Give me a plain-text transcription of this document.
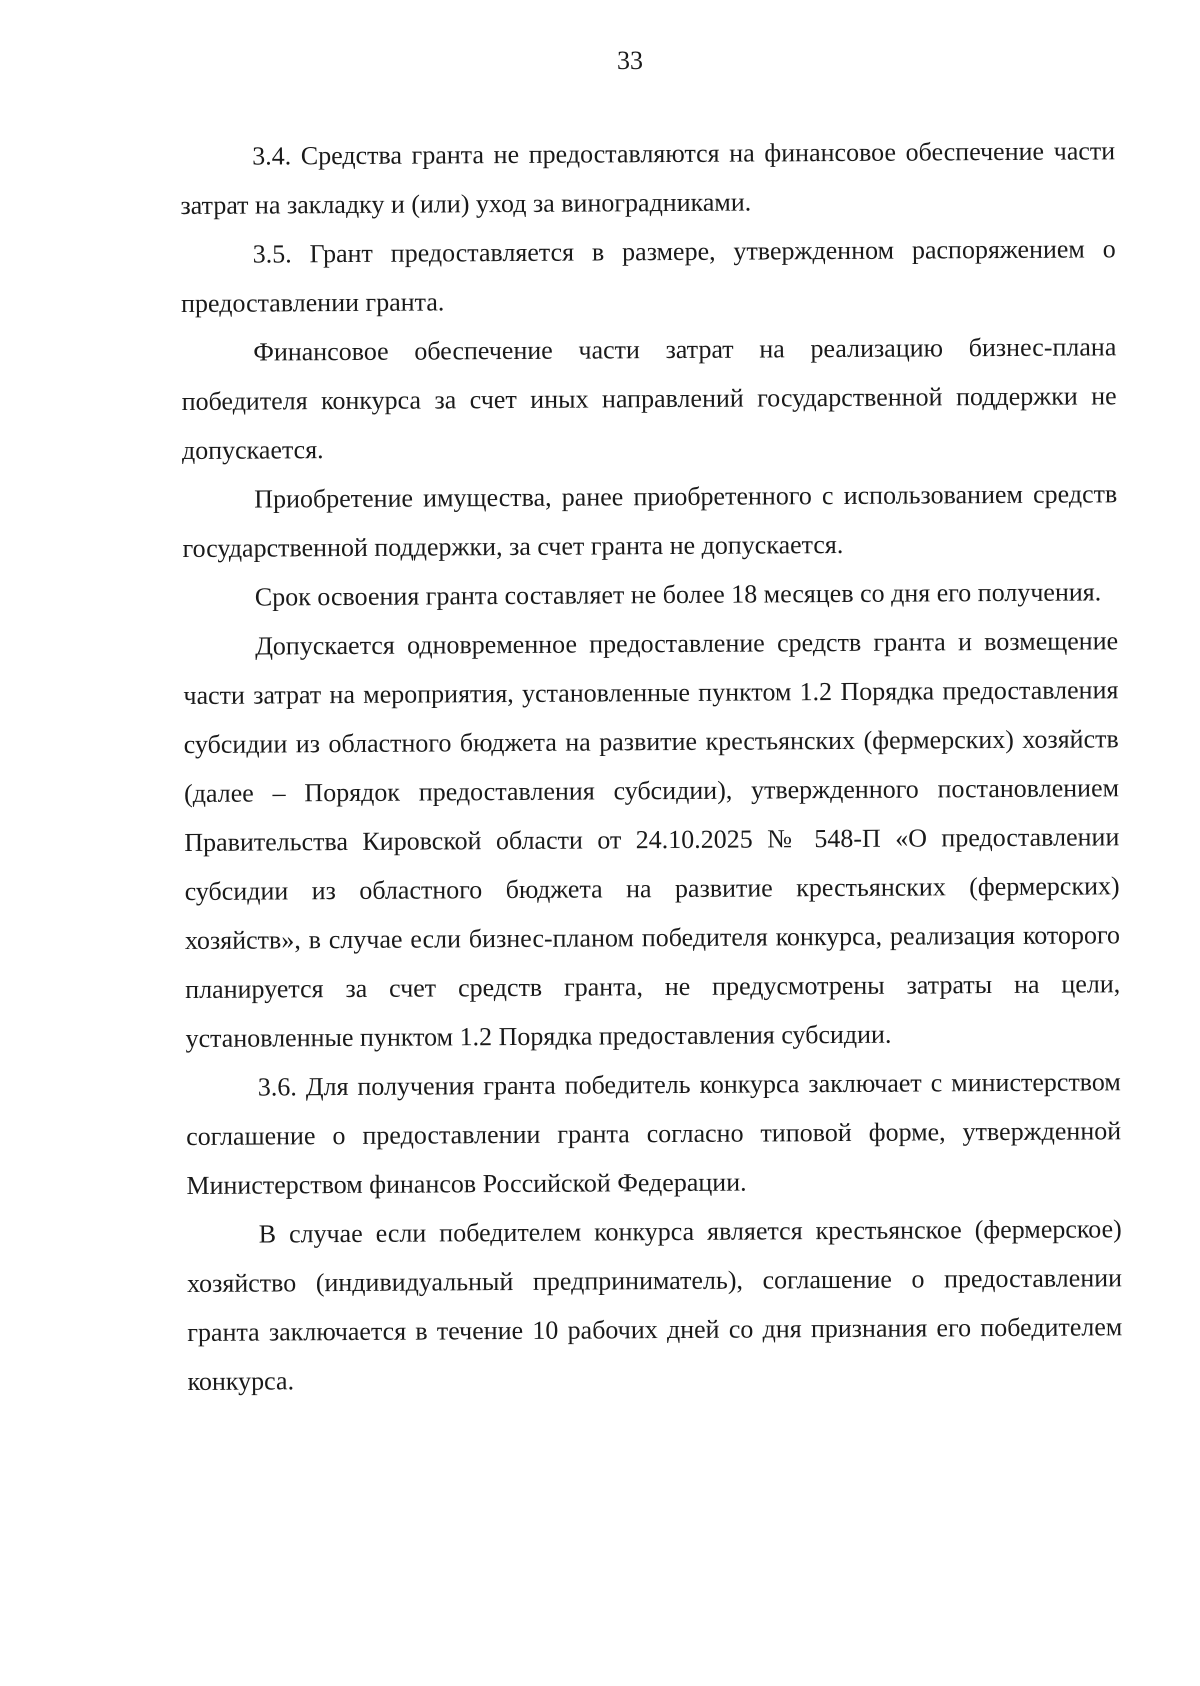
33

3.4. Средства гранта не предоставляются на финансовое обеспечение части затрат на закладку и (или) уход за виноградниками.

3.5. Грант предоставляется в размере, утвержденном распоряжением о предоставлении гранта.

Финансовое обеспечение части затрат на реализацию бизнес-плана победителя конкурса за счет иных направлений государственной поддержки не допускается.

Приобретение имущества, ранее приобретенного с использованием средств государственной поддержки, за счет гранта не допускается.

Срок освоения гранта составляет не более 18 месяцев со дня его получения.

Допускается одновременное предоставление средств гранта и возмещение части затрат на мероприятия, установленные пунктом 1.2 Порядка предоставления субсидии из областного бюджета на развитие крестьянских (фермерских) хозяйств (далее – Порядок предоставления субсидии), утвержденного постановлением Правительства Кировской области от 24.10.2025 № 548-П «О предоставлении субсидии из областного бюджета на развитие крестьянских (фермерских) хозяйств», в случае если бизнес-планом победителя конкурса, реализация которого планируется за счет средств гранта, не предусмотрены затраты на цели, установленные пунктом 1.2 Порядка предоставления субсидии.

3.6. Для получения гранта победитель конкурса заключает с министерством соглашение о предоставлении гранта согласно типовой форме, утвержденной Министерством финансов Российской Федерации.

В случае если победителем конкурса является крестьянское (фермерское) хозяйство (индивидуальный предприниматель), соглашение о предоставлении гранта заключается в течение 10 рабочих дней со дня признания его победителем конкурса.
